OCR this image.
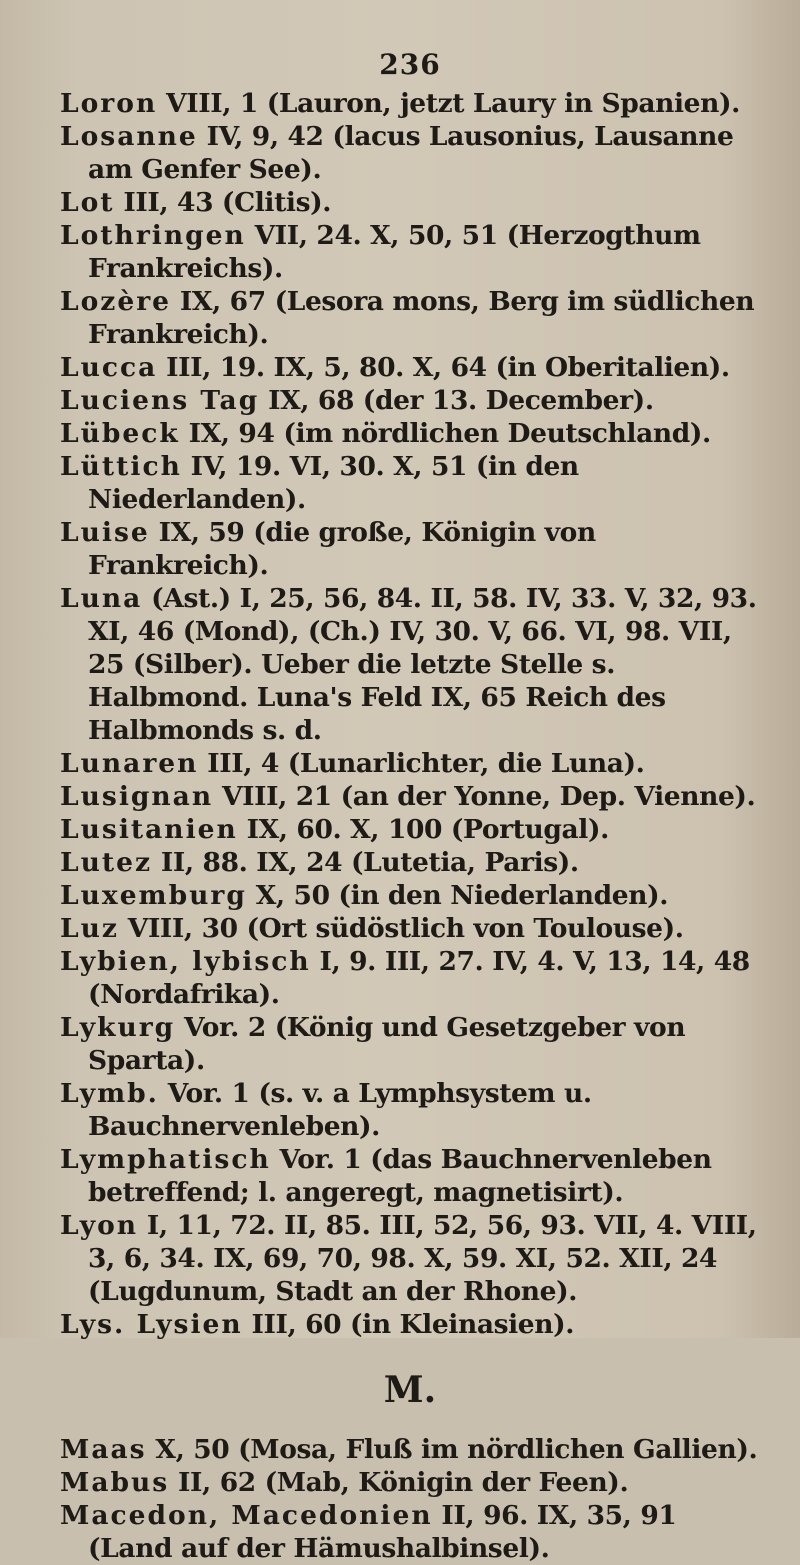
236
Loron VIII, 1 (Lauron, jetzt Laury in Spanien).
Losanne IV, 9, 42 (lacus Lausonius, Lausanne am Genfer See).
Lot III, 43 (Clitis).
Lothringen VII, 24. X, 50, 51 (Herzogthum Frankreichs).
Lozère IX, 67 (Lesora mons, Berg im südlichen Frankreich).
Lucca III, 19. IX, 5, 80. X, 64 (in Oberitalien).
Luciens Tag IX, 68 (der 13. December).
Lübeck IX, 94 (im nördlichen Deutschland).
Lüttich IV, 19. VI, 30. X, 51 (in den Niederlanden).
Luise IX, 59 (die große, Königin von Frankreich).
Luna (Ast.) I, 25, 56, 84. II, 58. IV, 33. V, 32, 93. XI, 46 (Mond), (Ch.) IV, 30. V, 66. VI, 98. VII, 25 (Silber). Ueber die letzte Stelle s. Halbmond. Luna's Feld IX, 65 Reich des Halbmonds s. d.
Lunaren III, 4 (Lunarlichter, die Luna).
Lusignan VIII, 21 (an der Yonne, Dep. Vienne).
Lusitanien IX, 60. X, 100 (Portugal).
Lutez II, 88. IX, 24 (Lutetia, Paris).
Luxemburg X, 50 (in den Niederlanden).
Luz VIII, 30 (Ort südöstlich von Toulouse).
Lybien, lybisch I, 9. III, 27. IV, 4. V, 13, 14, 48 (Nordafrika).
Lykurg Vor. 2 (König und Gesetzgeber von Sparta).
Lymb. Vor. 1 (s. v. a Lymphsystem u. Bauchnervenleben).
Lymphatisch Vor. 1 (das Bauchnervenleben betreffend; l. angeregt, magnetisirt).
Lyon I, 11, 72. II, 85. III, 52, 56, 93. VII, 4. VIII, 3, 6, 34. IX, 69, 70, 98. X, 59. XI, 52. XII, 24 (Lugdunum, Stadt an der Rhone).
Lys. Lysien III, 60 (in Kleinasien).
M.
Maas X, 50 (Mosa, Fluß im nördlichen Gallien).
Mabus II, 62 (Mab, Königin der Feen).
Macedon, Macedonien II, 96. IX, 35, 91 (Land auf der Hämushalbinsel).
